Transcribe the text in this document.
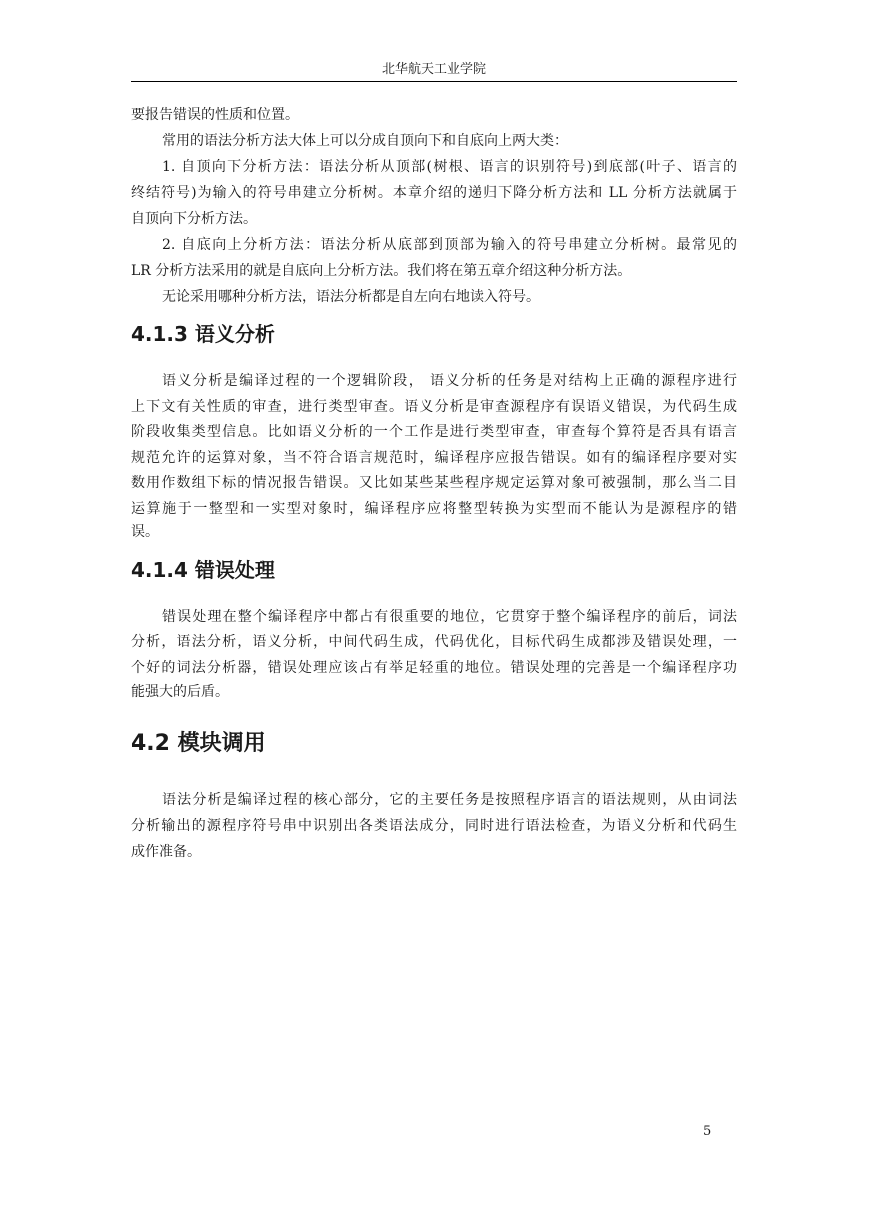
北华航天工业学院
要报告错误的性质和位置。
常用的语法分析方法大体上可以分成自顶向下和自底向上两大类：
1. 自顶向下分析方法：语法分析从顶部(树根、语言的识别符号)到底部(叶子、语言的
终结符号)为输入的符号串建立分析树。本章介绍的递归下降分析方法和 LL 分析方法就属于
自顶向下分析方法。
2. 自底向上分析方法：语法分析从底部到顶部为输入的符号串建立分析树。最常见的
LR 分析方法采用的就是自底向上分析方法。我们将在第五章介绍这种分析方法。
无论采用哪种分析方法，语法分析都是自左向右地读入符号。
4.1.3 语义分析
语义分析是编译过程的一个逻辑阶段， 语义分析的任务是对结构上正确的源程序进行
上下文有关性质的审查，进行类型审查。语义分析是审查源程序有误语义错误，为代码生成
阶段收集类型信息。比如语义分析的一个工作是进行类型审查，审查每个算符是否具有语言
规范允许的运算对象，当不符合语言规范时，编译程序应报告错误。如有的编译程序要对实
数用作数组下标的情况报告错误。又比如某些某些程序规定运算对象可被强制，那么当二目
运算施于一整型和一实型对象时，编译程序应将整型转换为实型而不能认为是源程序的错
误。
4.1.4 错误处理
错误处理在整个编译程序中都占有很重要的地位，它贯穿于整个编译程序的前后，词法
分析，语法分析，语义分析，中间代码生成，代码优化，目标代码生成都涉及错误处理，一
个好的词法分析器，错误处理应该占有举足轻重的地位。错误处理的完善是一个编译程序功
能强大的后盾。
4.2 模块调用
语法分析是编译过程的核心部分，它的主要任务是按照程序语言的语法规则，从由词法
分析输出的源程序符号串中识别出各类语法成分，同时进行语法检查，为语义分析和代码生
成作准备。
5
